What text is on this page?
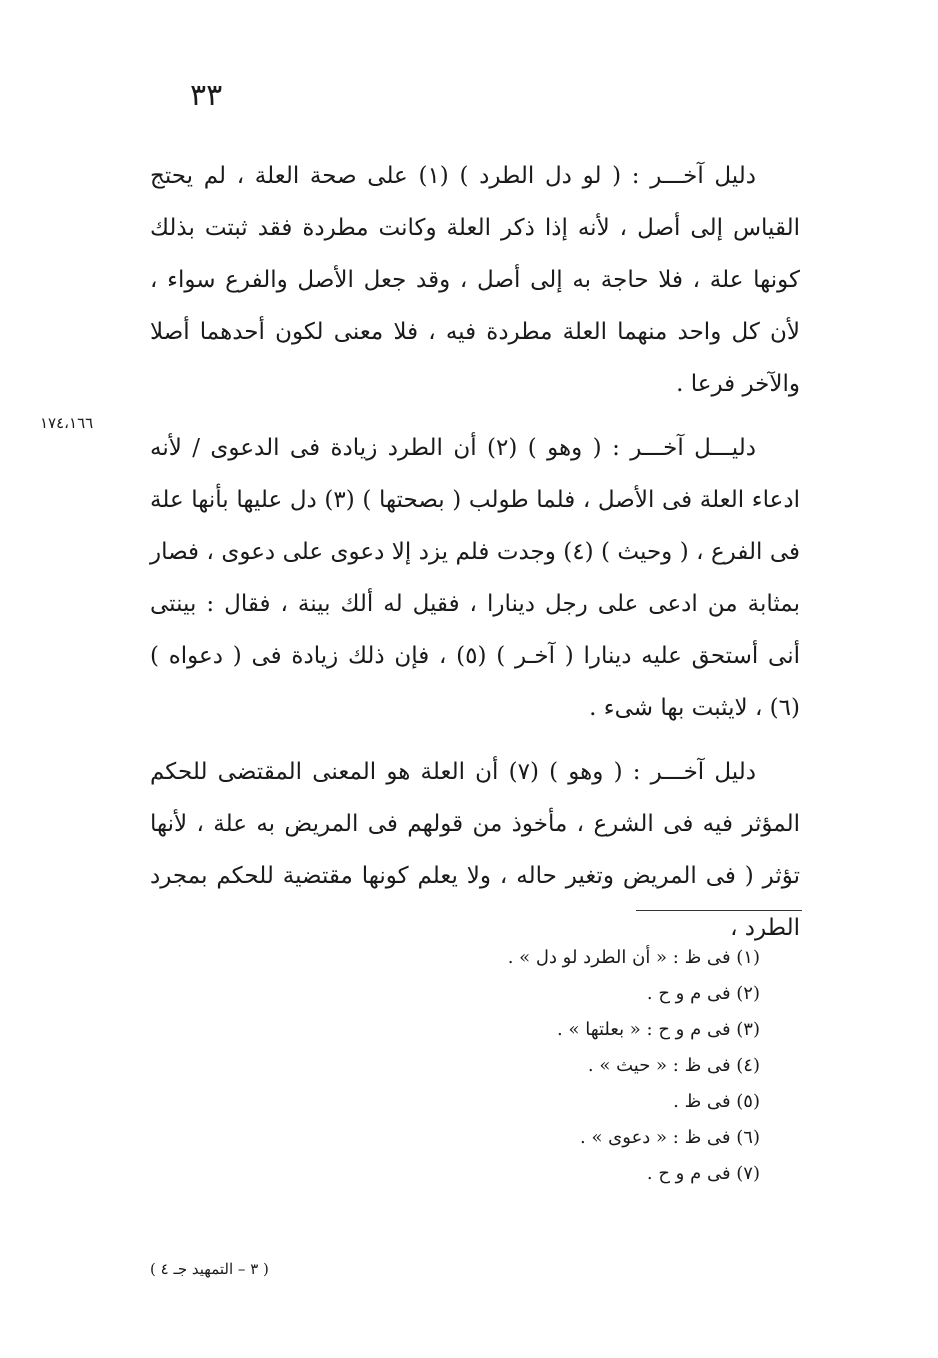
٣٣
١٧٤،١٦٦

دليل آخـــر : ( لو دل الطرد ) (١) على صحة العلة ، لم يحتج القياس إلى أصل ، لأنه إذا ذكر العلة وكانت مطردة فقد ثبتت بذلك كونها علة ، فلا حاجة به إلى أصل ، وقد جعل الأصل والفرع سواء ، لأن كل واحد منهما العلة مطردة فيه ، فلا معنى لكون أحدهما أصلا والآخر فرعا .

دليـــل آخـــر : ( وهو ) (٢) أن الطرد زيادة فى الدعوى / لأنه ادعاء العلة فى الأصل ، فلما طولب ( بصحتها ) (٣) دل عليها بأنها علة فى الفرع ، ( وحيث ) (٤) وجدت فلم يزد إلا دعوى على دعوى ، فصار بمثابة من ادعى على رجل دينارا ، فقيل له ألك بينة ، فقال : بينتى أنى أستحق عليه دينارا ( آخـر ) (٥) ، فإن ذلك زيادة فى ( دعواه ) (٦) ، لايثبت بها شىء .

دليل آخـــر : ( وهو ) (٧) أن العلة هو المعنى المقتضى للحكم المؤثر فيه فى الشرع ، مأخوذ من قولهم فى المريض به علة ، لأنها تؤثر ( فى المريض وتغير حاله ، ولا يعلم كونها مقتضية للحكم بمجرد الطرد ،

(١) فى ظ : « أن الطرد لو دل » .
(٢) فى م و ح .
(٣) فى م و ح : « بعلتها » .
(٤) فى ظ : « حيث » .
(٥) فى ظ .
(٦) فى ظ : « دعوى » .
(٧) فى م و ح .
( ٣ – التمهيد جـ ٤ )
